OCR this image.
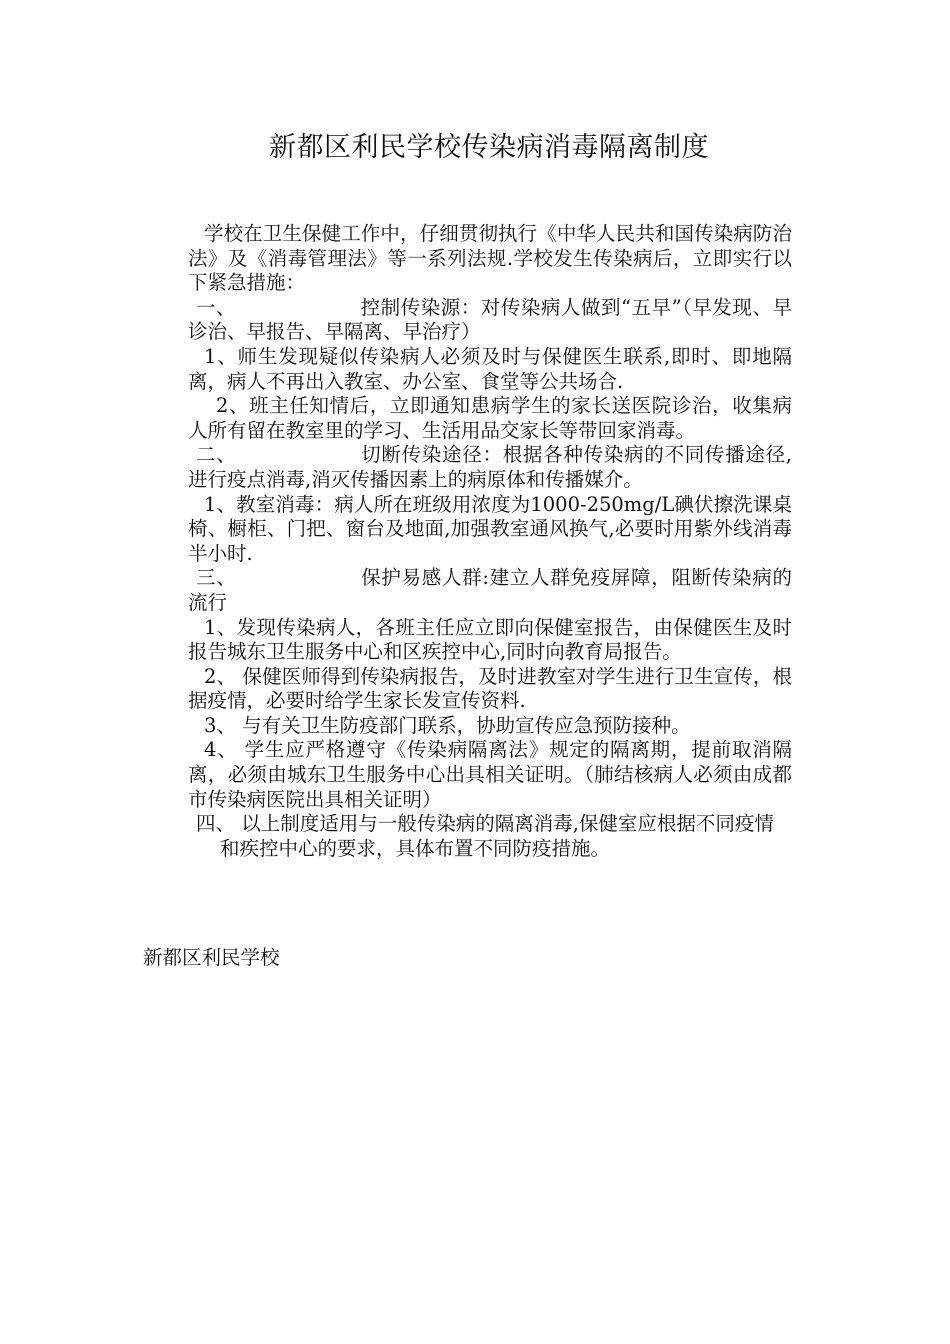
新都区利民学校传染病消毒隔离制度

学校在卫生保健工作中，仔细贯彻执行《中华人民共和国传染病防治法》及《消毒管理法》等一系列法规.学校发生传染病后，立即实行以下紧急措施：

一、	控制传染源：对传染病人做到“五早”（早发现、早诊治、早报告、早隔离、早治疗）

1、师生发现疑似传染病人必须及时与保健医生联系,即时、即地隔离，病人不再出入教室、办公室、食堂等公共场合.

2、班主任知情后，立即通知患病学生的家长送医院诊治，收集病人所有留在教室里的学习、生活用品交家长等带回家消毒。

二、	切断传染途径：根据各种传染病的不同传播途径,进行疫点消毒,消灭传播因素上的病原体和传播媒介。

1、教室消毒：病人所在班级用浓度为1000-250mg/L碘伏擦洗课桌椅、橱柜、门把、窗台及地面,加强教室通风换气,必要时用紫外线消毒半小时.

三、	保护易感人群:建立人群免疫屏障，阻断传染病的流行

1、发现传染病人，各班主任应立即向保健室报告，由保健医生及时报告城东卫生服务中心和区疾控中心,同时向教育局报告。

2、 保健医师得到传染病报告，及时进教室对学生进行卫生宣传，根据疫情，必要时给学生家长发宣传资料.

3、 与有关卫生防疫部门联系，协助宣传应急预防接种。

4、 学生应严格遵守《传染病隔离法》规定的隔离期，提前取消隔离，必须由城东卫生服务中心出具相关证明。（肺结核病人必须由成都市传染病医院出具相关证明）

四、 以上制度适用与一般传染病的隔离消毒,保健室应根据不同疫情和疾控中心的要求，具体布置不同防疫措施。

新都区利民学校
